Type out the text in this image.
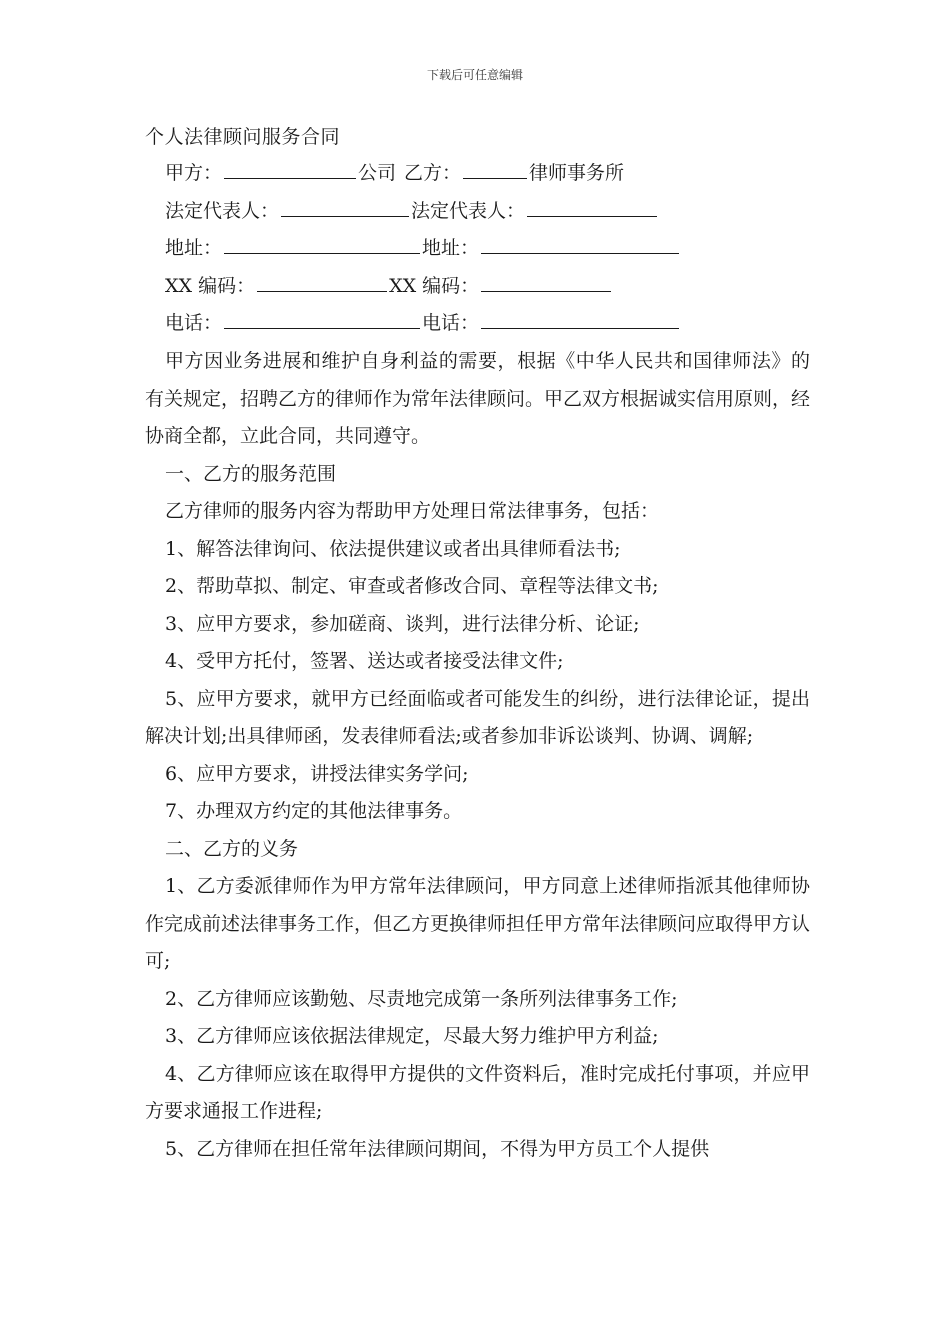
下载后可任意编辑
个人法律顾问服务合同
甲方：	公司 乙方：	律师事务所
法定代表人：	法定代表人：
地址：	地址：
XX 编码：	XX 编码：
电话：	电话：

甲方因业务进展和维护自身利益的需要，根据《中华人民共和国律师法》的有关规定，招聘乙方的律师作为常年法律顾问。甲乙双方根据诚实信用原则，经协商全都，立此合同，共同遵守。

一、乙方的服务范围

乙方律师的服务内容为帮助甲方处理日常法律事务，包括：

1、解答法律询问、依法提供建议或者出具律师看法书;

2、帮助草拟、制定、审查或者修改合同、章程等法律文书;

3、应甲方要求，参加磋商、谈判，进行法律分析、论证;

4、受甲方托付，签署、送达或者接受法律文件;

5、应甲方要求，就甲方已经面临或者可能发生的纠纷，进行法律论证，提出解决计划;出具律师函，发表律师看法;或者参加非诉讼谈判、协调、调解;

6、应甲方要求，讲授法律实务学问;

7、办理双方约定的其他法律事务。

二、乙方的义务

1、乙方委派律师作为甲方常年法律顾问，甲方同意上述律师指派其他律师协作完成前述法律事务工作，但乙方更换律师担任甲方常年法律顾问应取得甲方认可;

2、乙方律师应该勤勉、尽责地完成第一条所列法律事务工作;

3、乙方律师应该依据法律规定，尽最大努力维护甲方利益;

4、乙方律师应该在取得甲方提供的文件资料后，准时完成托付事项，并应甲方要求通报工作进程;

5、乙方律师在担任常年法律顾问期间，不得为甲方员工个人提供
